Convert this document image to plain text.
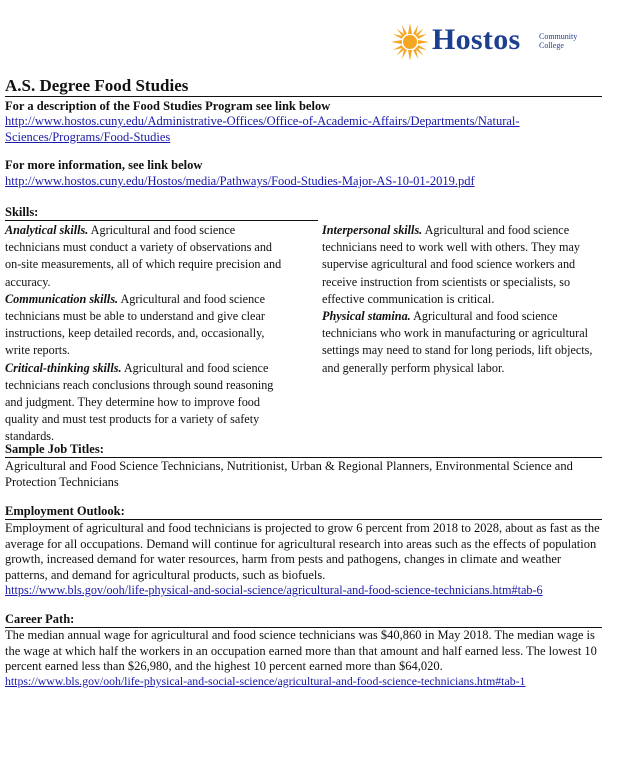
Hostos Community
College
A.S. Degree Food Studies
For a description of the Food Studies Program see link below
http://www.hostos.cuny.edu/Administrative-Offices/Office-of-Academic-Affairs/Departments/Natural-Sciences/Programs/Food-Studies
For more information, see link below
http://www.hostos.cuny.edu/Hostos/media/Pathways/Food-Studies-Major-AS-10-01-2019.pdf
Skills:
Analytical skills. Agricultural and food science technicians must conduct a variety of observations and on-site measurements, all of which require precision and accuracy.
Communication skills. Agricultural and food science technicians must be able to understand and give clear instructions, keep detailed records, and, occasionally, write reports.
Critical-thinking skills. Agricultural and food science technicians reach conclusions through sound reasoning and judgment. They determine how to improve food quality and must test products for a variety of safety standards.
Interpersonal skills. Agricultural and food science technicians need to work well with others. They may supervise agricultural and food science workers and receive instruction from scientists or specialists, so effective communication is critical.
Physical stamina. Agricultural and food science technicians who work in manufacturing or agricultural settings may need to stand for long periods, lift objects, and generally perform physical labor.
Sample Job Titles:
Agricultural and Food Science Technicians, Nutritionist, Urban & Regional Planners, Environmental Science and Protection Technicians
Employment Outlook:
Employment of agricultural and food technicians is projected to grow 6 percent from 2018 to 2028, about as fast as the average for all occupations. Demand will continue for agricultural research into areas such as the effects of population growth, increased demand for water resources, harm from pests and pathogens, changes in climate and weather patterns, and demand for agricultural products, such as biofuels.
https://www.bls.gov/ooh/life-physical-and-social-science/agricultural-and-food-science-technicians.htm#tab-6
Career Path:
The median annual wage for agricultural and food science technicians was $40,860 in May 2018. The median wage is the wage at which half the workers in an occupation earned more than that amount and half earned less. The lowest 10 percent earned less than $26,980, and the highest 10 percent earned more than $64,020.
https://www.bls.gov/ooh/life-physical-and-social-science/agricultural-and-food-science-technicians.htm#tab-1
